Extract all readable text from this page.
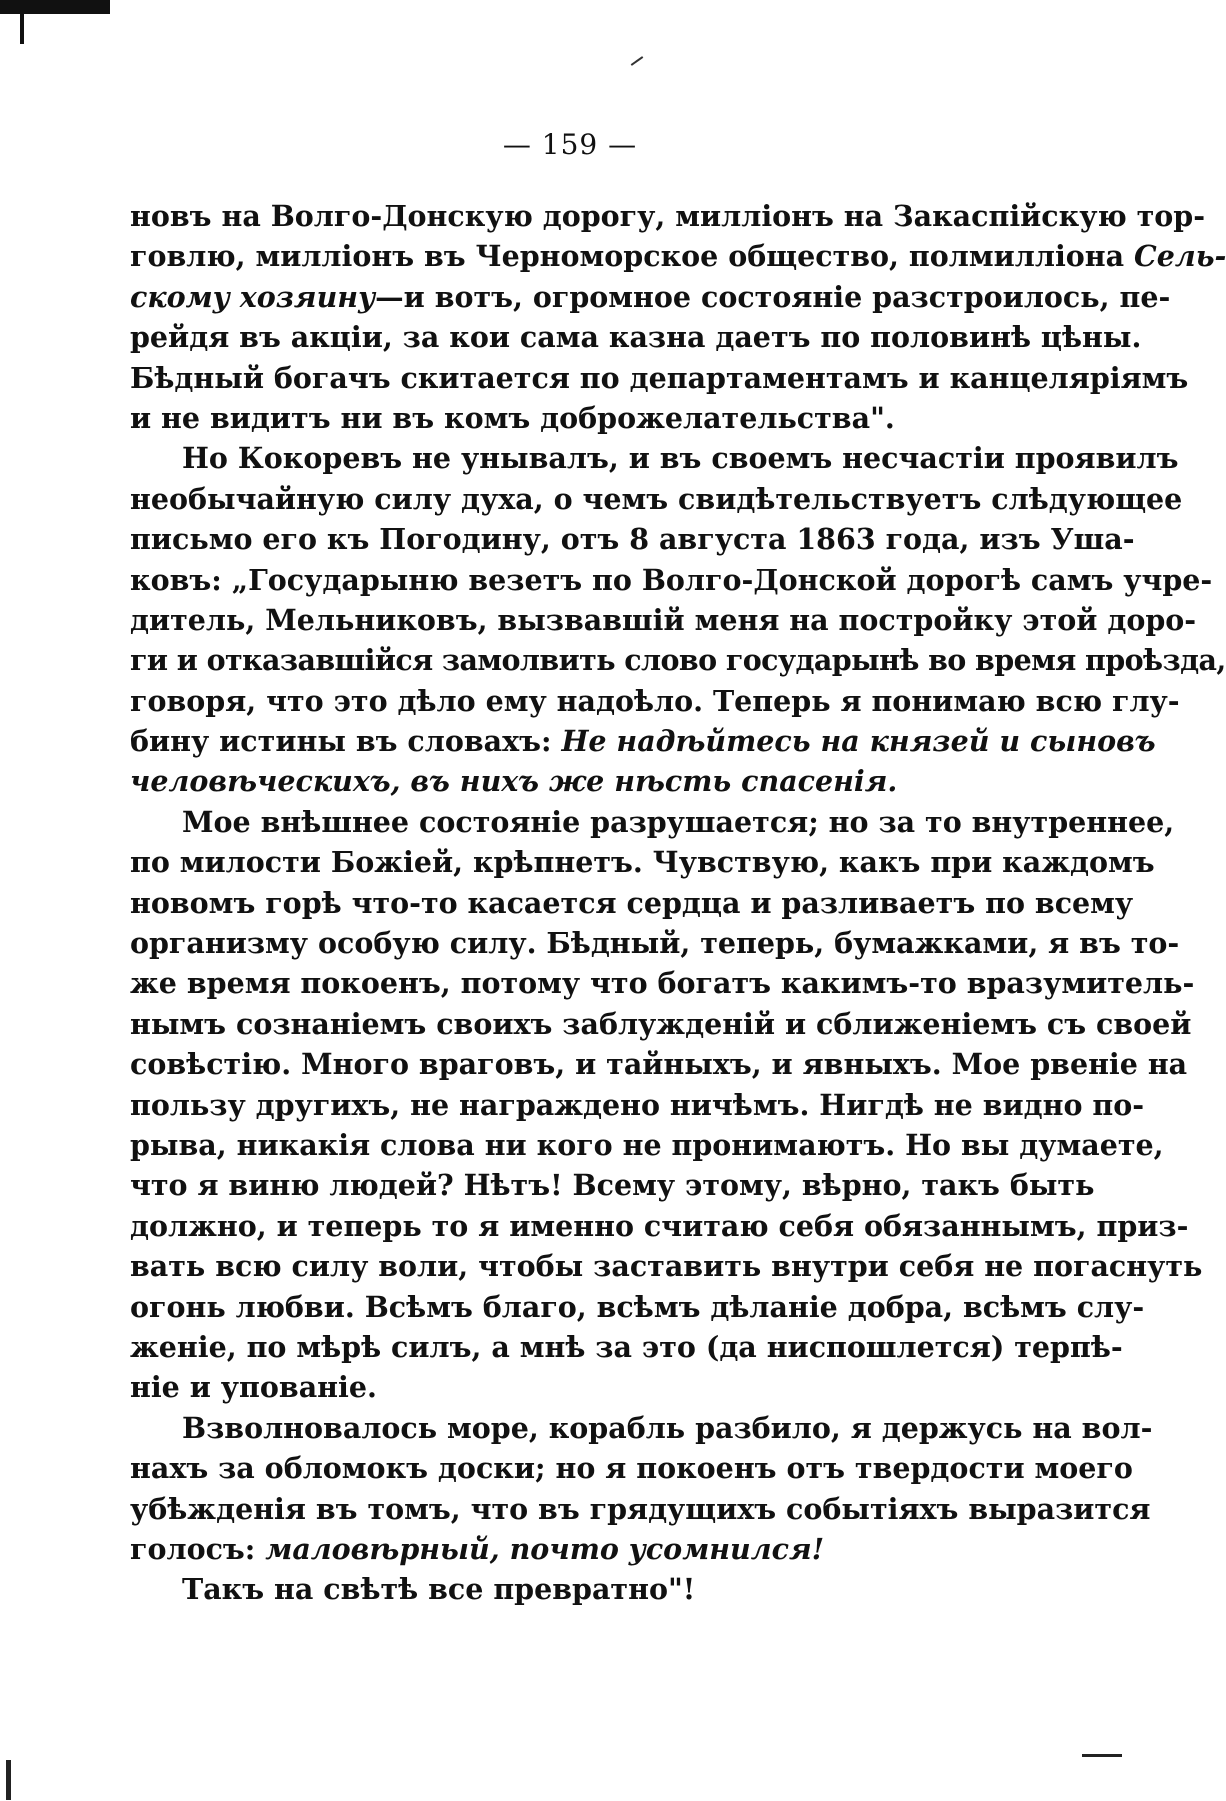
— 159 —
новъ на Волго-Донскую дорогу, милліонъ на Закаспійскую тор-
говлю, милліонъ въ Черноморское общество, полмилліона Сель-
скому хозяину —и вотъ, огромное состояніе разстроилось, пе-
рейдя въ акціи, за кои сама казна даетъ по половинѣ цѣны.
Бѣдный богачъ скитается по департаментамъ и канцеляріямъ
и не видитъ ни въ комъ доброжелательства".
Но Кокоревъ не унывалъ, и въ своемъ несчастіи проявилъ
необычайную силу духа, о чемъ свидѣтельствуетъ слѣдующее
письмо его къ Погодину, отъ 8 августа 1863 года, изъ Уша-
ковъ: „Государыню везетъ по Волго-Донской дорогѣ самъ учре-
дитель, Мельниковъ, вызвавшій меня на постройку этой доро-
ги и отказавшійся замолвить слово государынѣ во время проѣзда,
говоря, что это дѣло ему надоѣло. Теперь я понимаю всю глу-
бину истины въ словахъ: Не надѣйтесь на князей и сыновъ
человѣческихъ, въ нихъ же нѣсть спасенія.
Мое внѣшнее состояніе разрушается; но за то внутреннее,
по милости Божіей, крѣпнетъ. Чувствую, какъ при каждомъ
новомъ горѣ что-то касается сердца и разливаетъ по всему
организму особую силу. Бѣдный, теперь, бумажками, я въ то-
же время покоенъ, потому что богатъ какимъ-то вразумитель-
нымъ сознаніемъ своихъ заблужденій и сближеніемъ съ своей
совѣстію. Много враговъ, и тайныхъ, и явныхъ. Мое рвеніе на
пользу другихъ, не награждено ничѣмъ. Нигдѣ не видно по-
рыва, никакія слова ни кого не пронимаютъ. Но вы думаете,
что я виню людей? Нѣтъ! Всему этому, вѣрно, такъ быть
должно, и теперь то я именно считаю себя обязаннымъ, приз-
вать всю силу воли, чтобы заставить внутри себя не погаснуть
огонь любви. Всѣмъ благо, всѣмъ дѣланіе добра, всѣмъ слу-
женіе, по мѣрѣ силъ, а мнѣ за это (да ниспошлется) терпѣ-
ніе и упованіе.
Взволновалось море, корабль разбило, я держусь на вол-
нахъ за обломокъ доски; но я покоенъ отъ твердости моего
убѣжденія въ томъ, что въ грядущихъ событіяхъ выразится
голосъ: маловѣрный, почто усомнился!
Такъ на свѣтѣ все превратно"!
